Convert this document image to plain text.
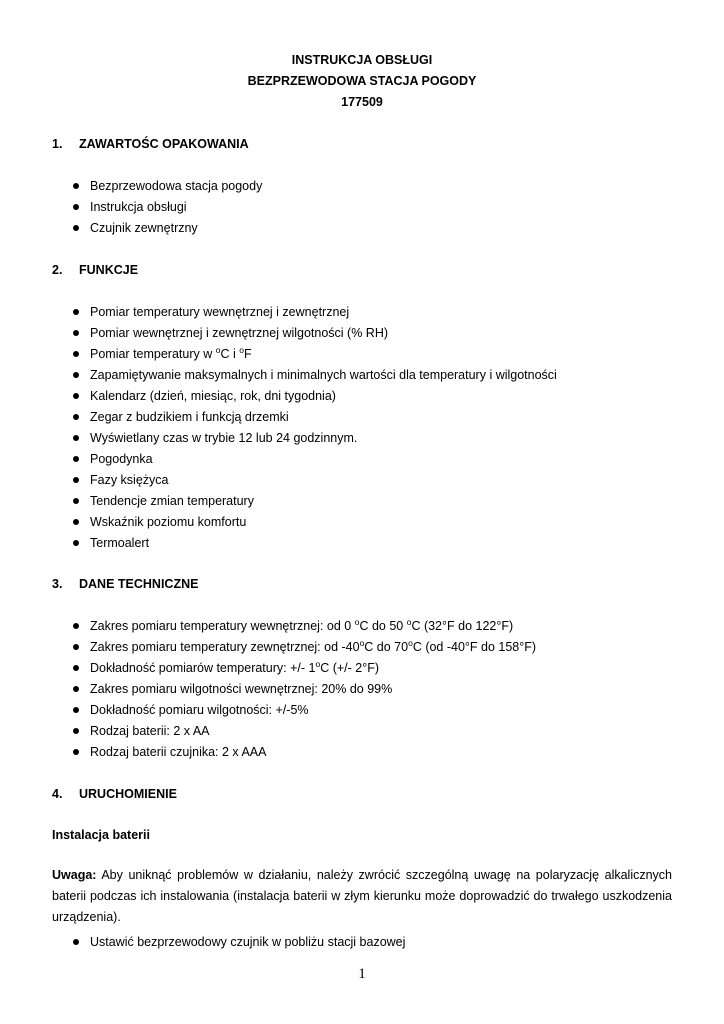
INSTRUKCJA OBSŁUGI
BEZPRZEWODOWA STACJA POGODY
177509
1. ZAWARTOŚC OPAKOWANIA
Bezprzewodowa stacja pogody
Instrukcja obsługi
Czujnik zewnętrzny
2. FUNKCJE
Pomiar temperatury wewnętrznej i zewnętrznej
Pomiar wewnętrznej i zewnętrznej wilgotności (% RH)
Pomiar temperatury w $^o$C i $^o$F
Zapamiętywanie maksymalnych i minimalnych wartości dla temperatury i wilgotności
Kalendarz (dzień, miesiąc, rok, dni tygodnia)
Zegar z budzikiem i funkcją drzemki
Wyświetlany czas w trybie 12 lub 24 godzinnym.
Pogodynka
Fazy księżyca
Tendencje zmian temperatury
Wskaźnik poziomu komfortu
Termoalert
3. DANE TECHNICZNE
Zakres pomiaru temperatury wewnętrznej: od 0 $^o$C do 50 $^o$C (32°F do 122°F)
Zakres pomiaru temperatury zewnętrznej: od -40$^o$C do 70$^o$C (od -40°F do 158°F)
Dokładność pomiarów temperatury: +/- 1$^o$C (+/- 2°F)
Zakres pomiaru wilgotności wewnętrznej: 20% do 99%
Dokładność pomiaru wilgotności: +/-5%
Rodzaj baterii: 2 x AA
Rodzaj baterii czujnika: 2 x AAA
4. URUCHOMIENIE
Instalacja baterii
Uwaga: Aby uniknąć problemów w działaniu, należy zwrócić szczególną uwagę na polaryzację alkalicznych baterii podczas ich instalowania (instalacja baterii w złym kierunku może doprowadzić do trwałego uszkodzenia urządzenia).
Ustawić bezprzewodowy czujnik w pobliżu stacji bazowej
1
